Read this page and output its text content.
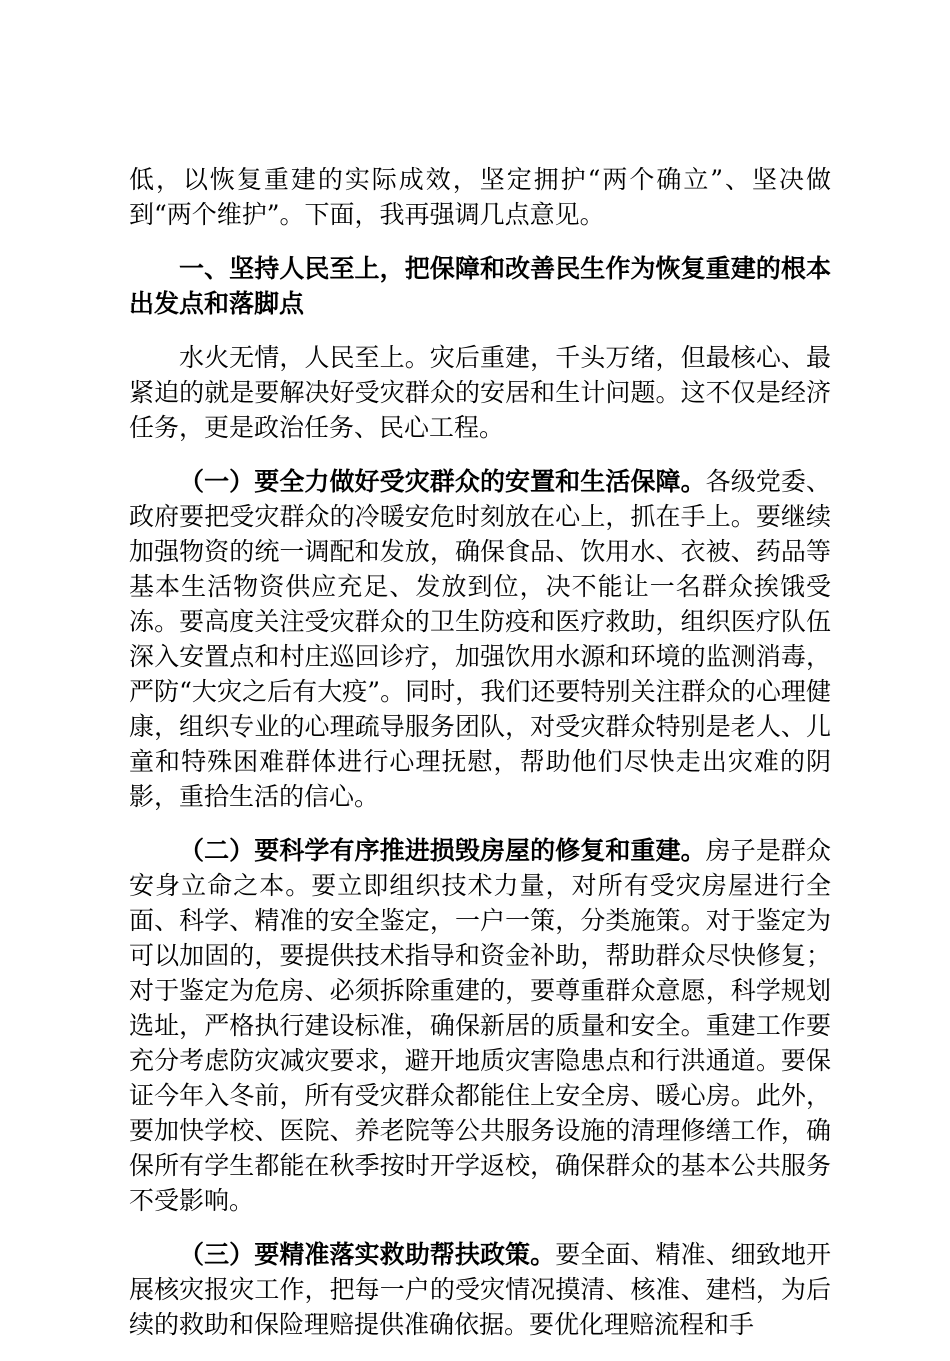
低，以恢复重建的实际成效，坚定拥护“两个确立”、坚决做到“两个维护”。下面，我再强调几点意见。

一、坚持人民至上，把保障和改善民生作为恢复重建的根本出发点和落脚点

水火无情，人民至上。灾后重建，千头万绪，但最核心、最紧迫的就是要解决好受灾群众的安居和生计问题。这不仅是经济任务，更是政治任务、民心工程。

（一）要全力做好受灾群众的安置和生活保障。各级党委、政府要把受灾群众的冷暖安危时刻放在心上，抓在手上。要继续加强物资的统一调配和发放，确保食品、饮用水、衣被、药品等基本生活物资供应充足、发放到位，决不能让一名群众挨饿受冻。要高度关注受灾群众的卫生防疫和医疗救助，组织医疗队伍深入安置点和村庄巡回诊疗，加强饮用水源和环境的监测消毒，严防“大灾之后有大疫”。同时，我们还要特别关注群众的心理健康，组织专业的心理疏导服务团队，对受灾群众特别是老人、儿童和特殊困难群体进行心理抚慰，帮助他们尽快走出灾难的阴影，重拾生活的信心。

（二）要科学有序推进损毁房屋的修复和重建。房子是群众安身立命之本。要立即组织技术力量，对所有受灾房屋进行全面、科学、精准的安全鉴定，一户一策，分类施策。对于鉴定为可以加固的，要提供技术指导和资金补助，帮助群众尽快修复；对于鉴定为危房、必须拆除重建的，要尊重群众意愿，科学规划选址，严格执行建设标准，确保新居的质量和安全。重建工作要充分考虑防灾减灾要求，避开地质灾害隐患点和行洪通道。要保证今年入冬前，所有受灾群众都能住上安全房、暖心房。此外，要加快学校、医院、养老院等公共服务设施的清理修缮工作，确保所有学生都能在秋季按时开学返校，确保群众的基本公共服务不受影响。

（三）要精准落实救助帮扶政策。要全面、精准、细致地开展核灾报灾工作，把每一户的受灾情况摸清、核准、建档，为后续的救助和保险理赔提供准确依据。要优化理赔流程和手
